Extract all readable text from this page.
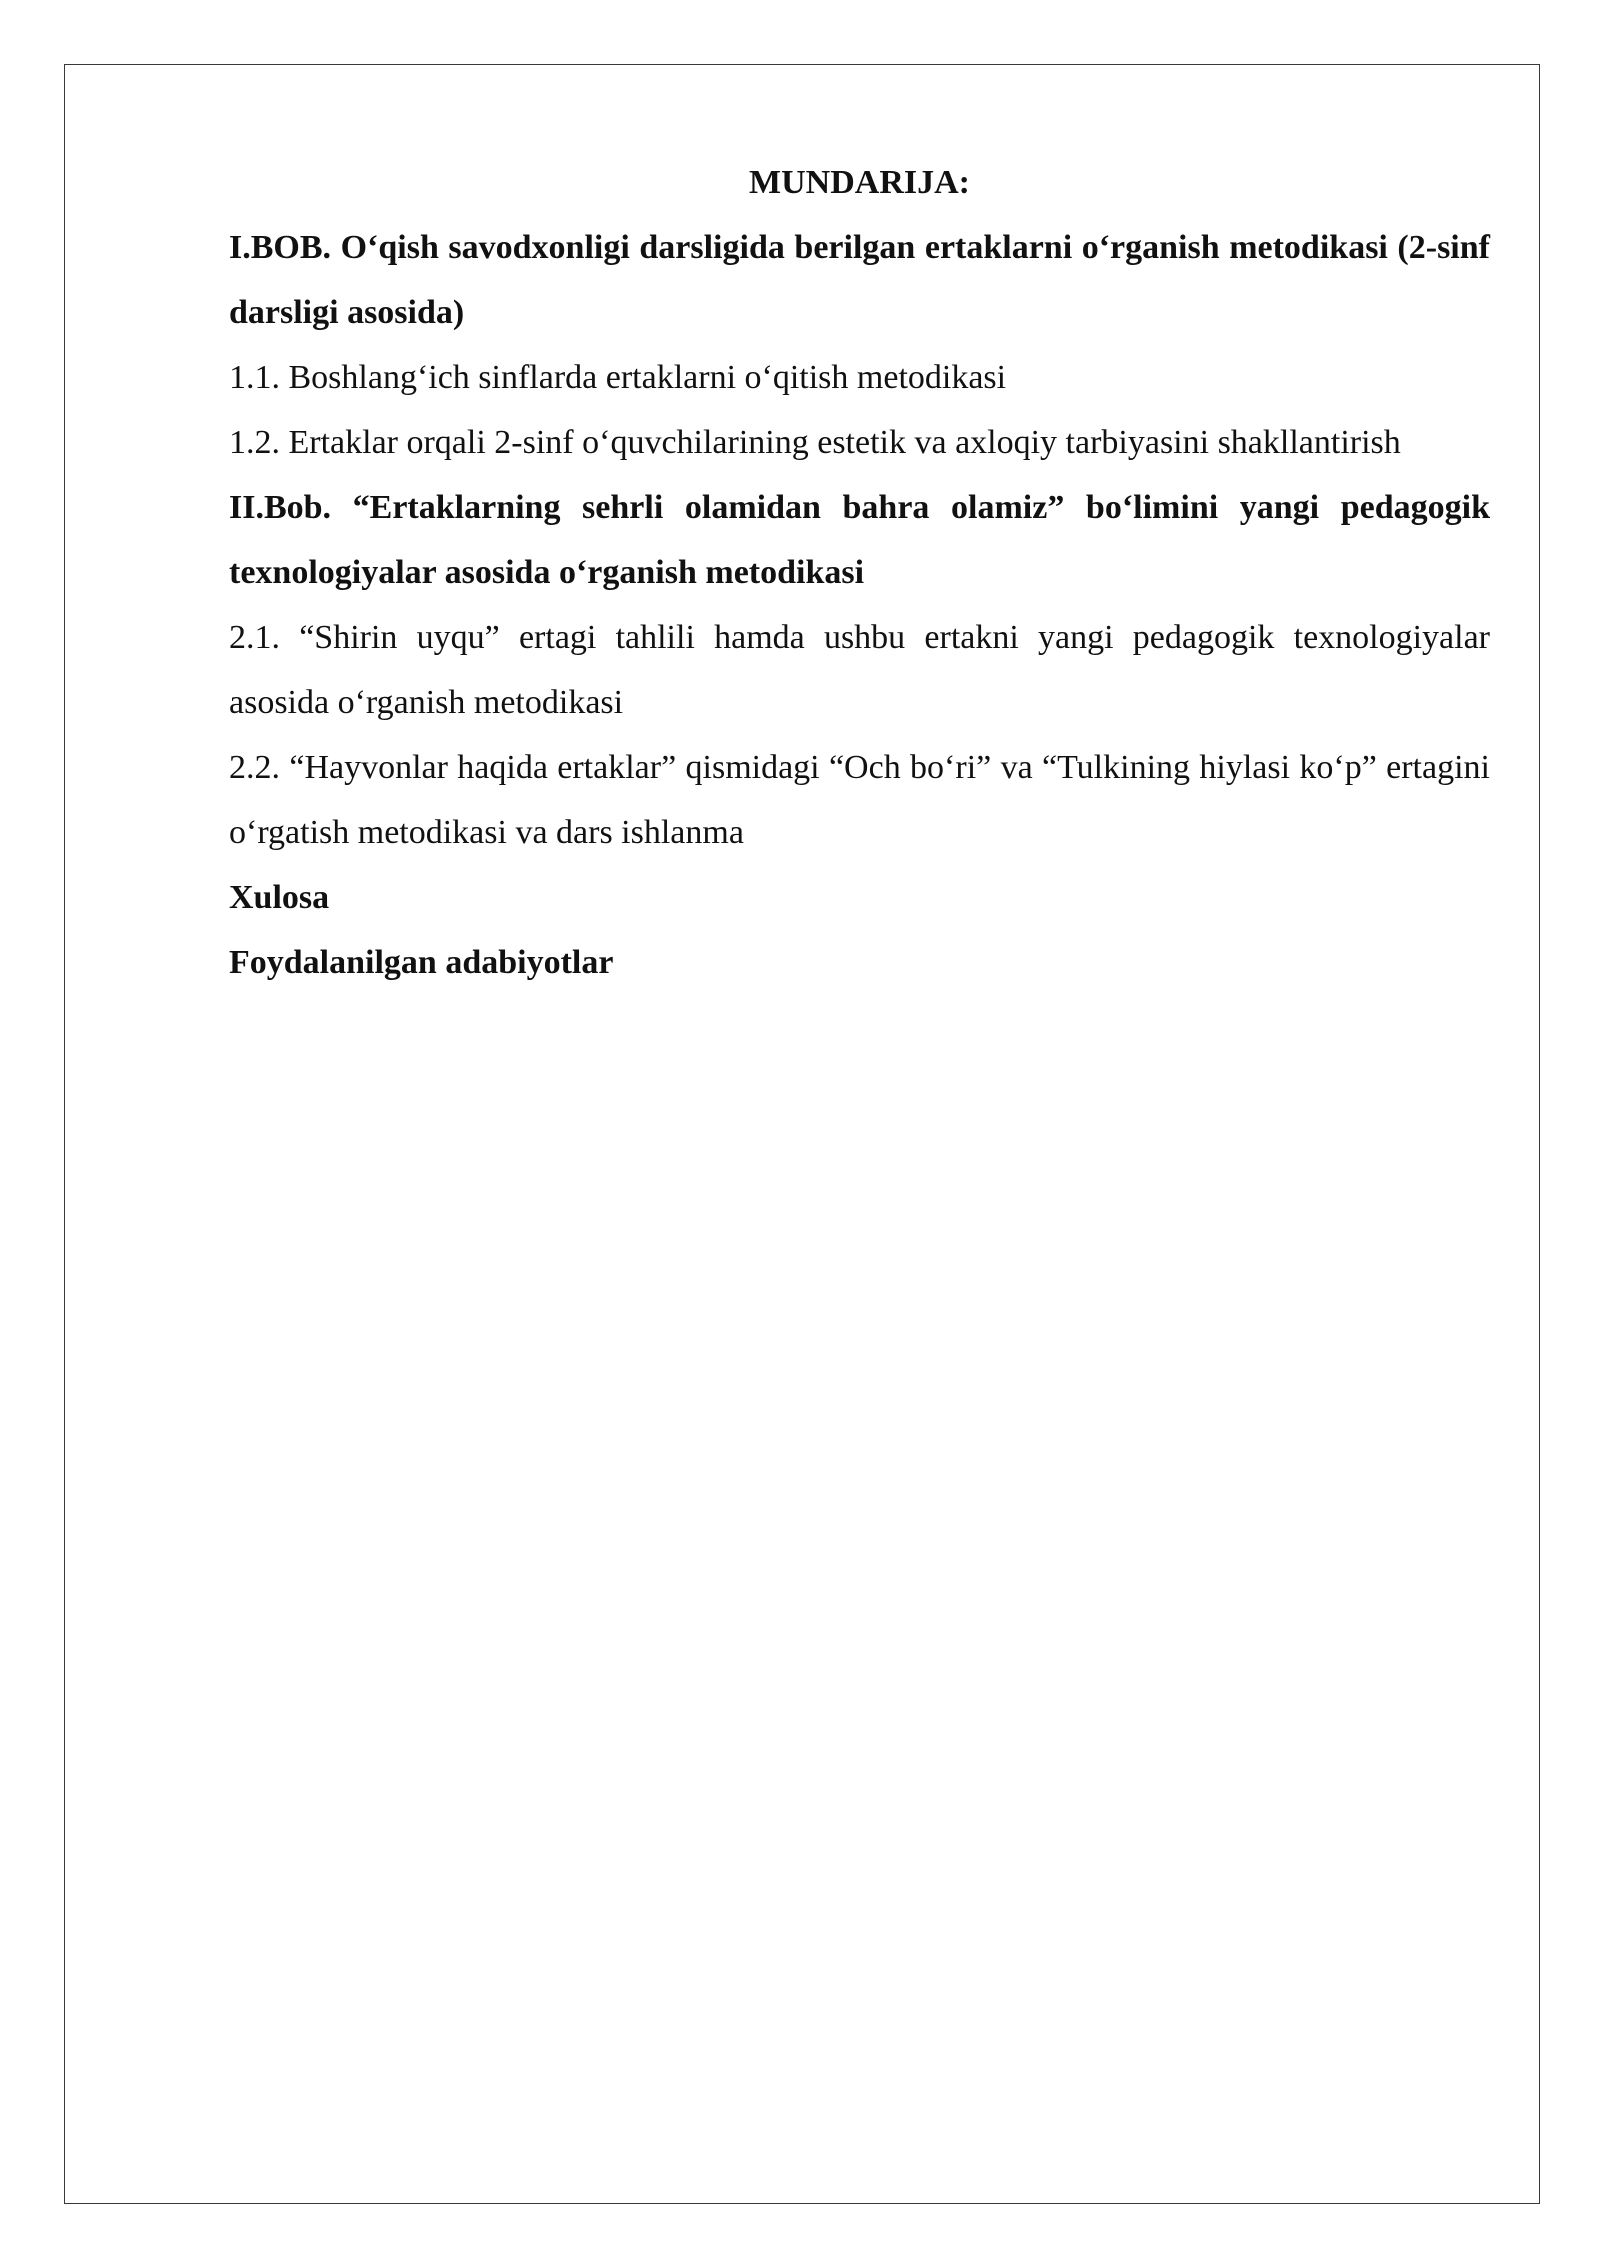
MUNDARIJA:

I.BOB. O‘qish savodxonligi darsligida berilgan ertaklarni o‘rganish metodikasi (2-sinf darsligi asosida)

1.1. Boshlang‘ich sinflarda ertaklarni o‘qitish metodikasi

1.2. Ertaklar orqali 2-sinf o‘quvchilarining estetik va axloqiy tarbiyasini shakllantirish

II.Bob. “Ertaklarning sehrli olamidan bahra olamiz” bo‘limini yangi pedagogik texnologiyalar asosida o‘rganish metodikasi

2.1. “Shirin uyqu” ertagi tahlili hamda ushbu ertakni yangi pedagogik texnologiyalar asosida o‘rganish metodikasi

2.2. “Hayvonlar haqida ertaklar” qismidagi “Och bo‘ri” va “Tulkining hiylasi ko‘p” ertagini o‘rgatish metodikasi va dars ishlanma

Xulosa

Foydalanilgan adabiyotlar
